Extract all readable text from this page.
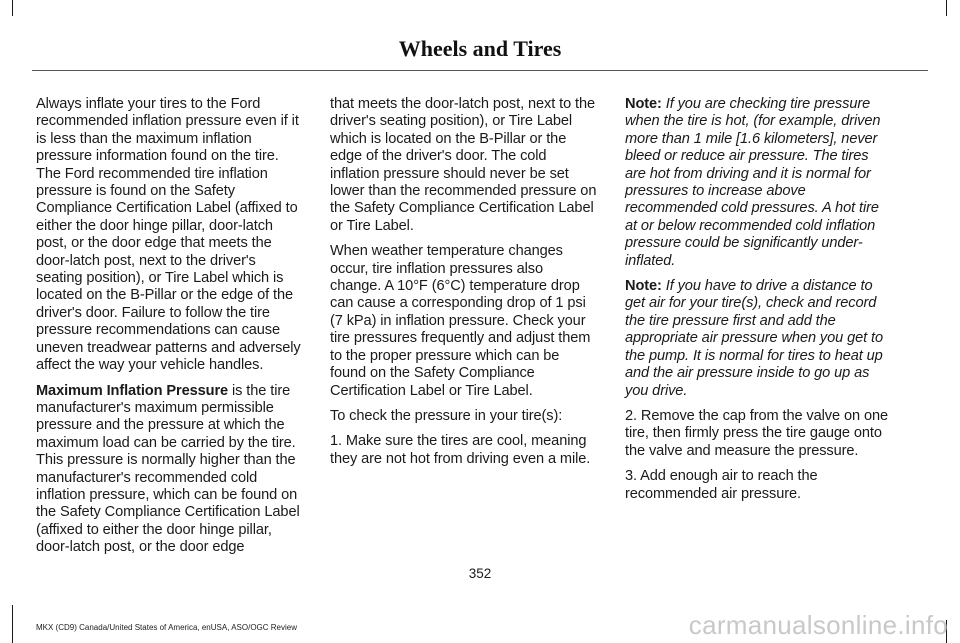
Wheels and Tires

Always inflate your tires to the Ford recommended inflation pressure even if it is less than the maximum inflation pressure information found on the tire. The Ford recommended tire inflation pressure is found on the Safety Compliance Certification Label (affixed to either the door hinge pillar, door-latch post, or the door edge that meets the door-latch post, next to the driver's seating position), or Tire Label which is located on the B-Pillar or the edge of the driver's door. Failure to follow the tire pressure recommendations can cause uneven treadwear patterns and adversely affect the way your vehicle handles.

Maximum Inflation Pressure is the tire manufacturer's maximum permissible pressure and the pressure at which the maximum load can be carried by the tire. This pressure is normally higher than the manufacturer's recommended cold inflation pressure, which can be found on the Safety Compliance Certification Label (affixed to either the door hinge pillar, door-latch post, or the door edge

that meets the door-latch post, next to the driver's seating position), or Tire Label which is located on the B-Pillar or the edge of the driver's door. The cold inflation pressure should never be set lower than the recommended pressure on the Safety Compliance Certification Label or Tire Label.

When weather temperature changes occur, tire inflation pressures also change. A 10°F (6°C) temperature drop can cause a corresponding drop of 1 psi (7 kPa) in inflation pressure. Check your tire pressures frequently and adjust them to the proper pressure which can be found on the Safety Compliance Certification Label or Tire Label.

To check the pressure in your tire(s):

1. Make sure the tires are cool, meaning they are not hot from driving even a mile.

Note: If you are checking tire pressure when the tire is hot, (for example, driven more than 1 mile [1.6 kilometers], never bleed or reduce air pressure. The tires are hot from driving and it is normal for pressures to increase above recommended cold pressures. A hot tire at or below recommended cold inflation pressure could be significantly under-inflated.

Note: If you have to drive a distance to get air for your tire(s), check and record the tire pressure first and add the appropriate air pressure when you get to the pump. It is normal for tires to heat up and the air pressure inside to go up as you drive.

2. Remove the cap from the valve on one tire, then firmly press the tire gauge onto the valve and measure the pressure.

3. Add enough air to reach the recommended air pressure.

352

MKX (CD9) Canada/United States of America, enUSA, ASO/OGC Review	carmanualsonline.info
